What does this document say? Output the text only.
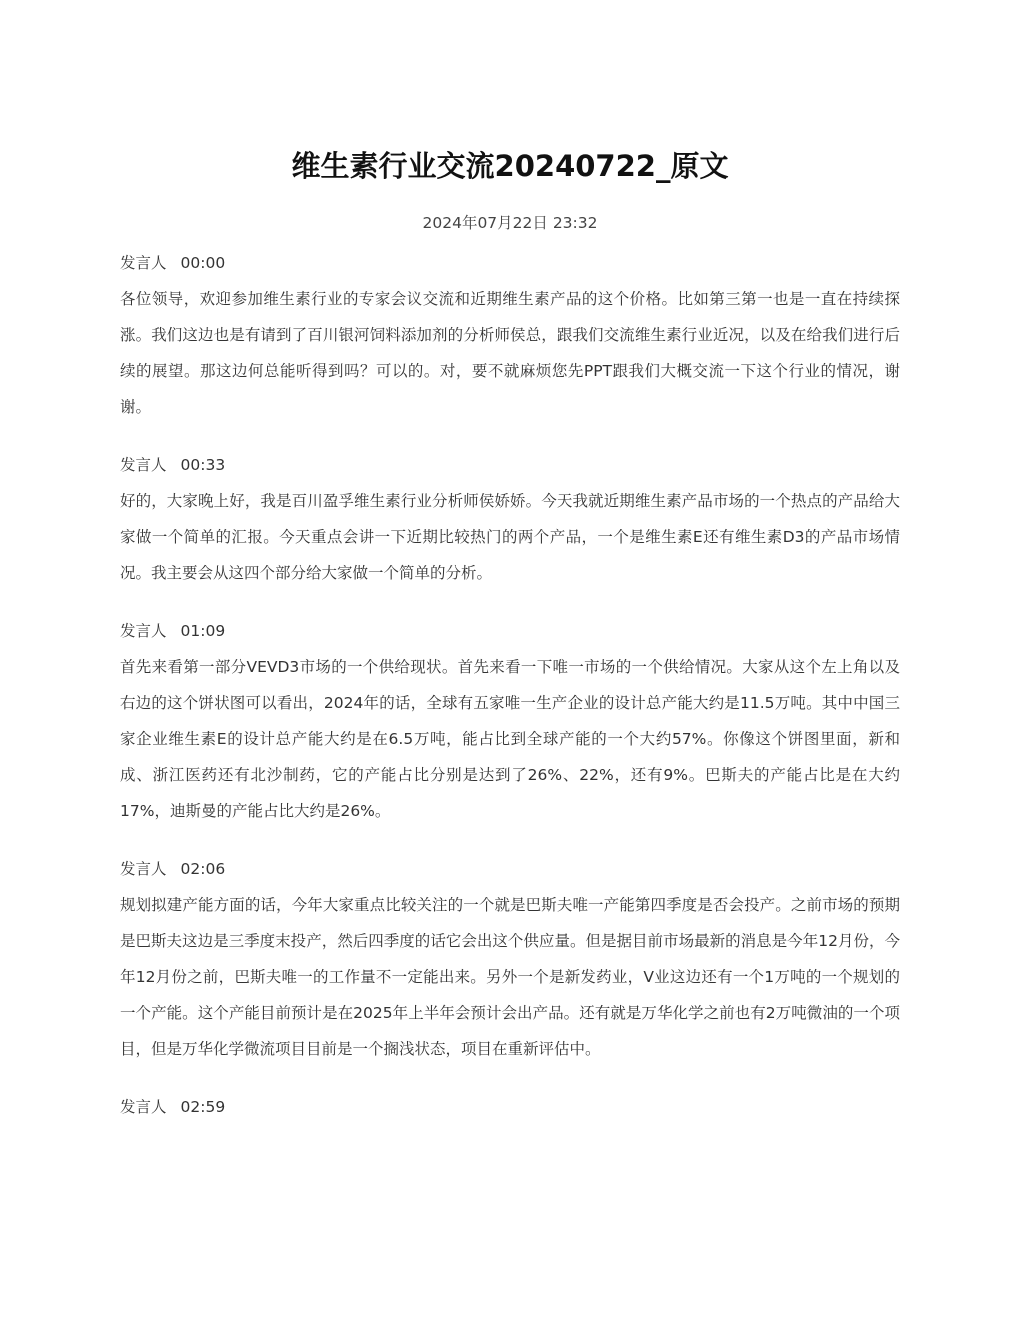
维生素行业交流20240722_原文
2024年07月22日 23:32
发言人 00:00

各位领导，欢迎参加维生素行业的专家会议交流和近期维生素产品的这个价格。比如第三第一也是一直在持续探涨。我们这边也是有请到了百川银河饲料添加剂的分析师侯总，跟我们交流维生素行业近况，以及在给我们进行后续的展望。那这边何总能听得到吗？可以的。对，要不就麻烦您先PPT跟我们大概交流一下这个行业的情况，谢谢。

发言人 00:33

好的，大家晚上好，我是百川盈孚维生素行业分析师侯娇娇。今天我就近期维生素产品市场的一个热点的产品给大家做一个简单的汇报。今天重点会讲一下近期比较热门的两个产品，一个是维生素E还有维生素D3的产品市场情况。我主要会从这四个部分给大家做一个简单的分析。

发言人 01:09

首先来看第一部分VEVD3市场的一个供给现状。首先来看一下唯一市场的一个供给情况。大家从这个左上角以及右边的这个饼状图可以看出，2024年的话，全球有五家唯一生产企业的设计总产能大约是11.5万吨。其中中国三家企业维生素E的设计总产能大约是在6.5万吨，能占比到全球产能的一个大约57%。你像这个饼图里面，新和成、浙江医药还有北沙制药，它的产能占比分别是达到了26%、22%，还有9%。巴斯夫的产能占比是在大约17%，迪斯曼的产能占比大约是26%。

发言人 02:06

规划拟建产能方面的话，今年大家重点比较关注的一个就是巴斯夫唯一产能第四季度是否会投产。之前市场的预期是巴斯夫这边是三季度末投产，然后四季度的话它会出这个供应量。但是据目前市场最新的消息是今年12月份，今年12月份之前，巴斯夫唯一的工作量不一定能出来。另外一个是新发药业，V业这边还有一个1万吨的一个规划的一个产能。这个产能目前预计是在2025年上半年会预计会出产品。还有就是万华化学之前也有2万吨微油的一个项目，但是万华化学微流项目目前是一个搁浅状态，项目在重新评估中。

发言人 02:59
